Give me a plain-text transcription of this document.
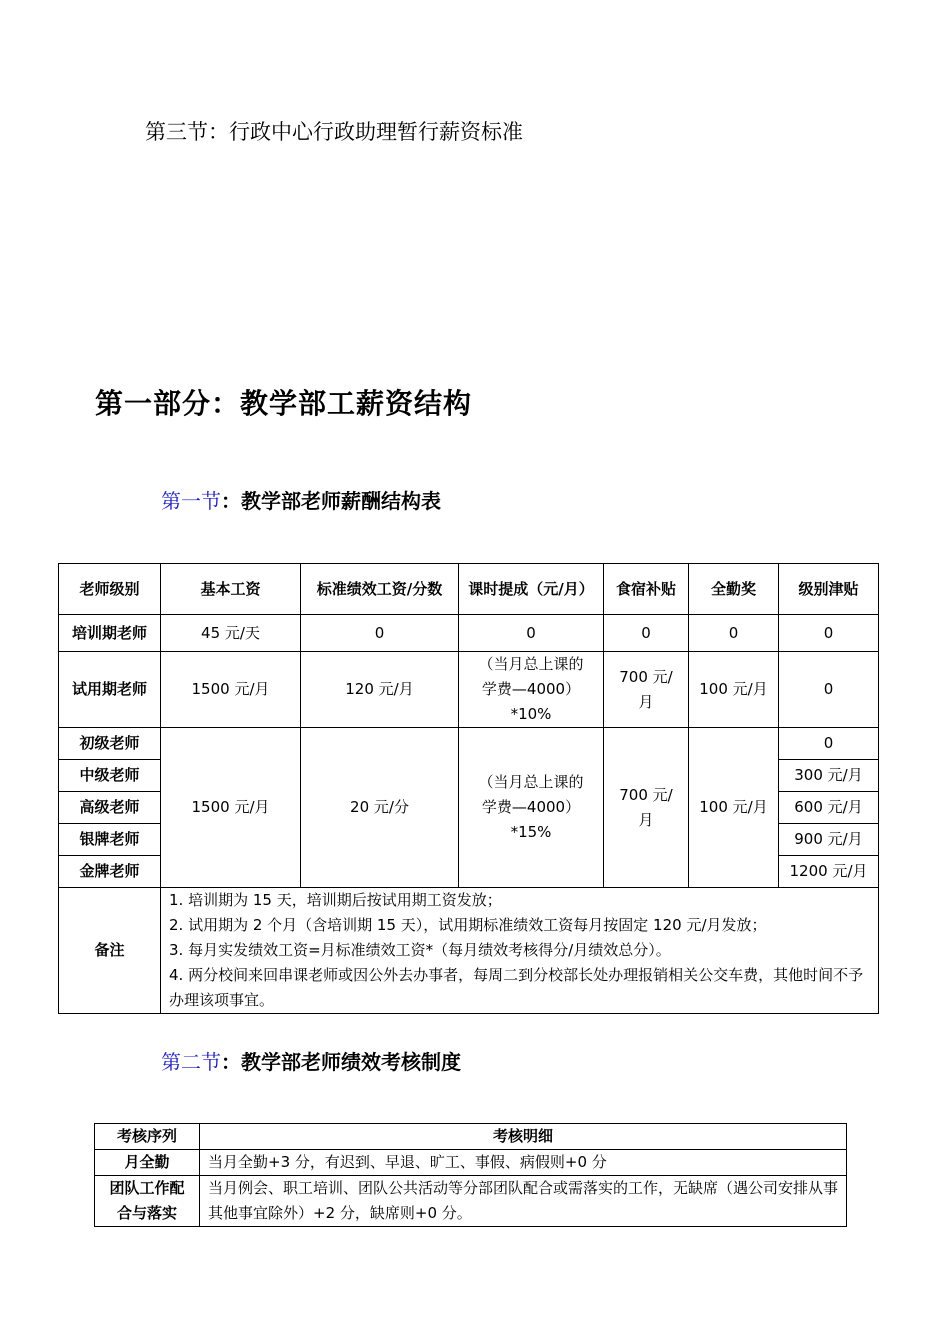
第三节：行政中心行政助理暂行薪资标准
第一部分：教学部工薪资结构
第一节：教学部老师薪酬结构表
老师级别	基本工资	标准绩效工资/分数	课时提成（元/月）	食宿补贴	全勤奖	级别津贴
培训期老师	45 元/天	0	0	0	0	0
试用期老师	1500 元/月	120 元/月	（当月总上课的学费—4000）*10%	700 元/月	100 元/月	0
初级老师	1500 元/月	20 元/分	（当月总上课的学费—4000）*15%	700 元/月	100 元/月	0
中级老师						300 元/月
高级老师						600 元/月
银牌老师						900 元/月
金牌老师						1200 元/月
备注	1. 培训期为 15 天，培训期后按试用期工资发放；
2. 试用期为 2 个月（含培训期 15 天），试用期标准绩效工资每月按固定 120 元/月发放；
3. 每月实发绩效工资=月标准绩效工资*（每月绩效考核得分/月绩效总分）。
4. 两分校间来回串课老师或因公外去办事者，每周二到分校部长处办理报销相关公交车费，其他时间不予办理该项事宜。					
第二节：教学部老师绩效考核制度
考核序列	考核明细
月全勤	当月全勤+3 分，有迟到、早退、旷工、事假、病假则+0 分
团队工作配合与落实	当月例会、职工培训、团队公共活动等分部团队配合或需落实的工作，无缺席（遇公司安排从事其他事宜除外）+2 分，缺席则+0 分。
